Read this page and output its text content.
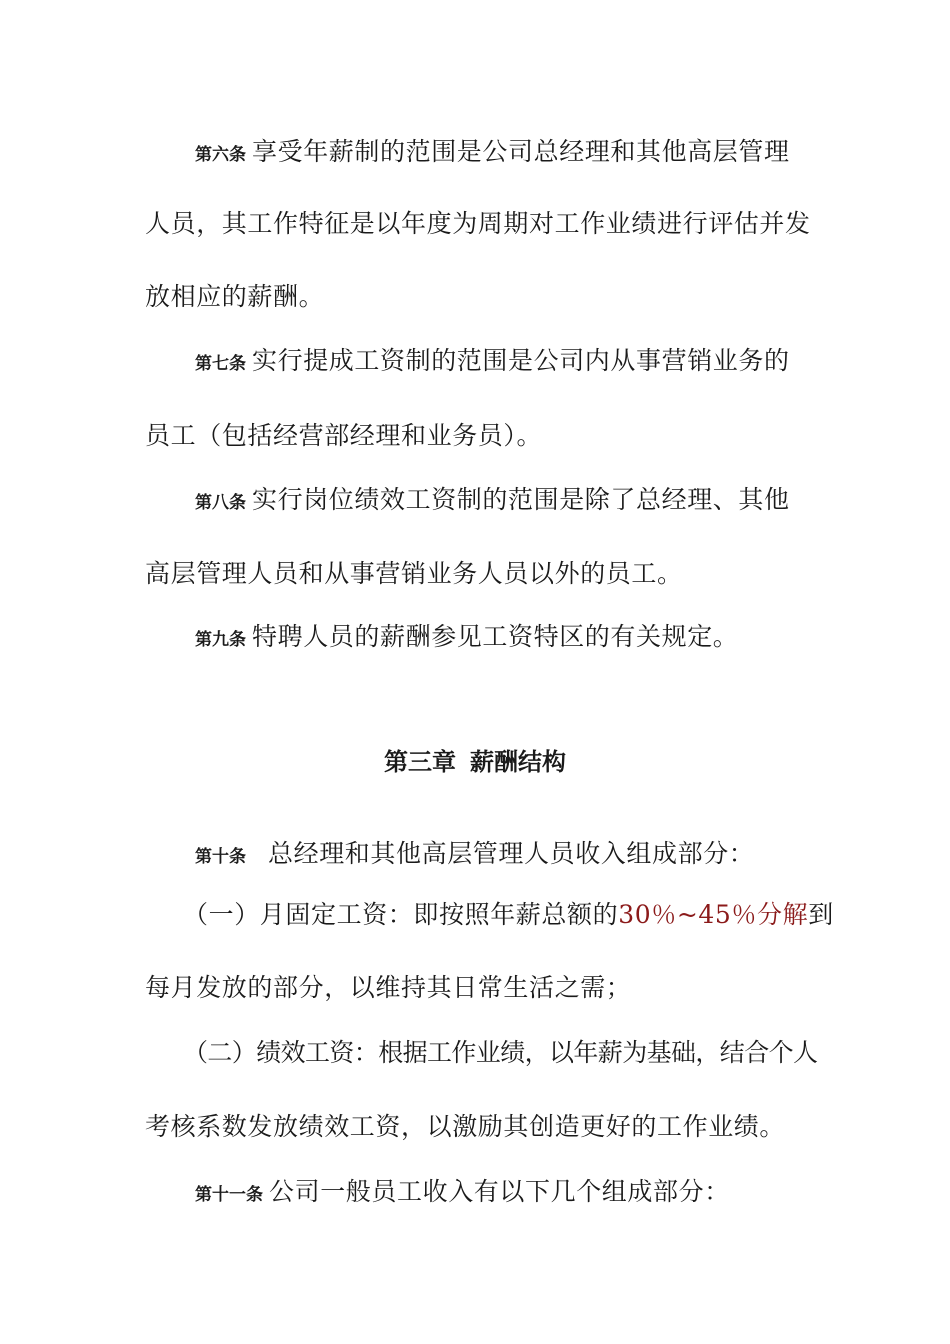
第六条 享受年薪制的范围是公司总经理和其他高层管理
人员，其工作特征是以年度为周期对工作业绩进行评估并发
放相应的薪酬。
第七条 实行提成工资制的范围是公司内从事营销业务的
员工（包括经营部经理和业务员）。
第八条 实行岗位绩效工资制的范围是除了总经理、其他
高层管理人员和从事营销业务人员以外的员工。
第九条 特聘人员的薪酬参见工资特区的有关规定。
第三章 薪酬结构
第十条 总经理和其他高层管理人员收入组成部分：
（一）月固定工资：即按照年薪总额的30％~45％分解到
每月发放的部分，以维持其日常生活之需；
（二）绩效工资：根据工作业绩，以年薪为基础，结合个人
考核系数发放绩效工资，以激励其创造更好的工作业绩。
第十一条 公司一般员工收入有以下几个组成部分：
